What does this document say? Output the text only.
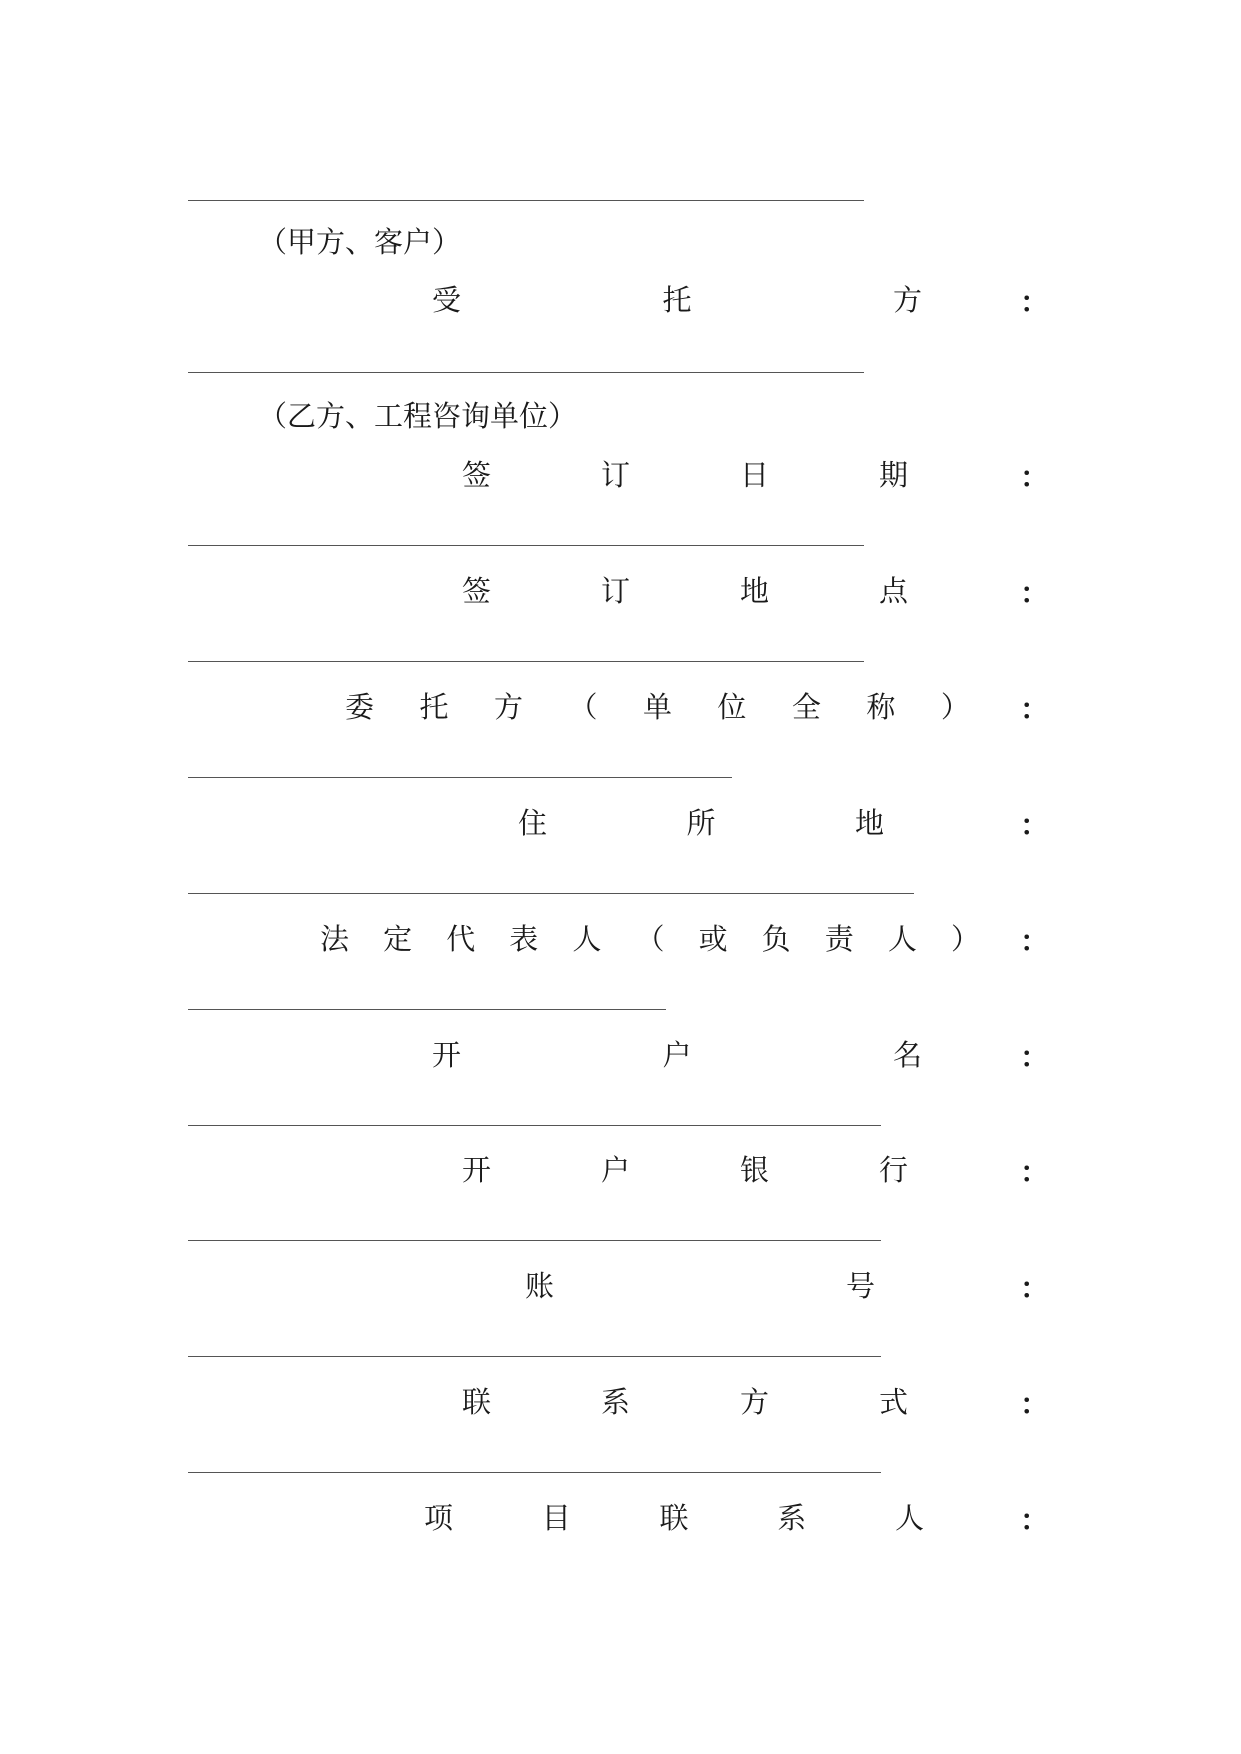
（甲方、客户）
受	托	方	：
（乙方、工程咨询单位）
签	订	日	期	：
签	订	地	点	：
委 托 方 （ 单 位 全 称 ） ：
住	所	地	：
法 定 代 表 人 （ 或 负 责 人 ） ：
开	户	名	：
开	户	银	行	：
账	号	：
联	系	方	式	：
项	目	联	系	人	：
